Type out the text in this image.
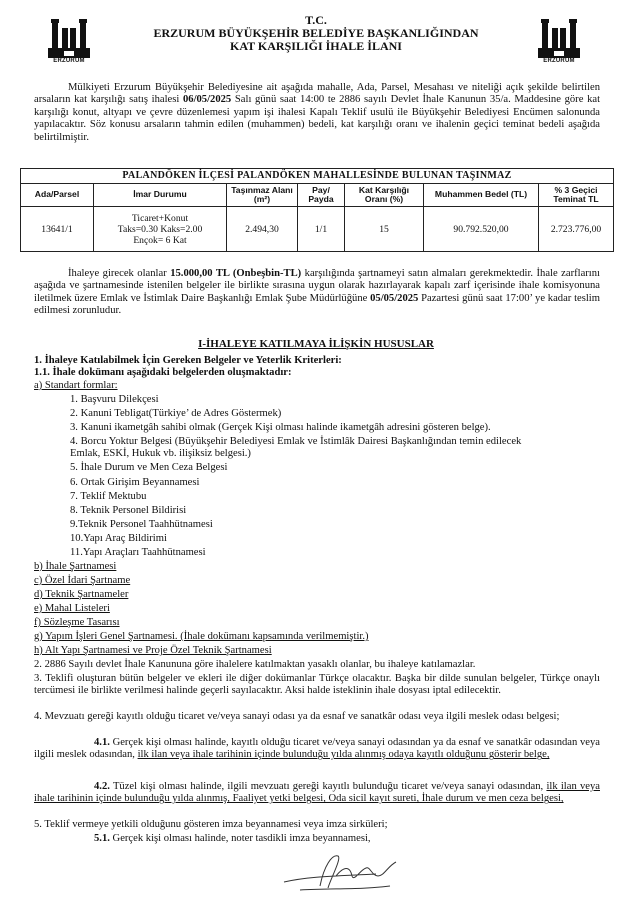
ERZURUM	ERZURUM
T.C.
ERZURUM BÜYÜKŞEHİR BELEDİYE BAŞKANLIĞINDAN
KAT KARŞILIĞI İHALE İLANI
Mülkiyeti Erzurum Büyükşehir Belediyesine ait aşağıda mahalle, Ada, Parsel, Mesahası ve niteliği açık şekilde belirtilen arsaların kat karşılığı satış ihalesi 06/05/2025 Salı günü saat 14:00 te 2886 sayılı Devlet İhale Kanunun 35/a. Maddesine göre kat karşılığı konut, altyapı ve çevre düzenlemesi yapım işi ihalesi Kapalı Teklif usulü ile Büyükşehir Belediyesi Encümen salonunda yapılacaktır. Söz konusu arsaların tahmin edilen (muhammen) bedeli, kat karşılığı oranı ve ihalenin geçici teminat bedeli aşağıda belirtilmiştir.
PALANDÖKEN İLÇESİ PALANDÖKEN MAHALLESİNDE BULUNAN TAŞINMAZ
Ada/Parsel	İmar Durumu	Taşınmaz Alanı (m²)	Pay/ Payda	Kat Karşılığı Oranı (%)	Muhammen Bedel (TL)	% 3 Geçici Teminat TL
13641/1	Ticaret+Konut
Taks=0.30 Kaks=2.00
Ençok= 6 Kat	2.494,30	1/1	15	90.792.520,00	2.723.776,00
İhaleye girecek olanlar 15.000,00 TL (Onbeşbin-TL) karşılığında şartnameyi satın almaları gerekmektedir. İhale zarflarını aşağıda ve şartnamesinde istenilen belgeler ile birlikte sırasına uygun olarak hazırlayarak kapalı zarf içerisinde ihale komisyonuna iletilmek üzere Emlak ve İstimlak Daire Başkanlığı Emlak Şube Müdürlüğüne 05/05/2025 Pazartesi günü saat 17:00’ ye kadar teslim edilmesi zorunludur.
I-İHALEYE KATILMAYA İLİŞKİN HUSUSLAR
1. İhaleye Katılabilmek İçin Gereken Belgeler ve Yeterlik Kriterleri:
1.1. İhale dokümanı aşağıdaki belgelerden oluşmaktadır:
a) Standart formlar:
1. Başvuru Dilekçesi
2. Kanuni Tebligat(Türkiye’ de Adres Göstermek)
3. Kanuni ikametgâh sahibi olmak (Gerçek Kişi olması halinde ikametgâh adresini gösteren belge).
4. Borcu Yoktur Belgesi (Büyükşehir Belediyesi Emlak ve İstimlâk Dairesi Başkanlığından temin edilecek
Emlak, ESKİ, Hukuk vb. ilişiksiz belgesi.)
5. İhale Durum ve Men Ceza Belgesi
6. Ortak Girişim Beyannamesi
7. Teklif Mektubu
8. Teknik Personel Bildirisi
9.Teknik Personel Taahhütnamesi
10.Yapı Araç Bildirimi
11.Yapı Araçları Taahhütnamesi
b) İhale Şartnamesi
c) Özel İdari Şartname
d) Teknik Şartnameler
e) Mahal Listeleri
f) Sözleşme Tasarısı
g) Yapım İşleri Genel Şartnamesi. (İhale dokümanı kapsamında verilmemiştir.)
h) Alt Yapı Şartnamesi ve Proje Özel Teknik Şartnamesi
2. 2886 Sayılı devlet İhale Kanununa göre ihalelere katılmaktan yasaklı olanlar, bu ihaleye katılamazlar.
3. Teklifi oluşturan bütün belgeler ve ekleri ile diğer dokümanlar Türkçe olacaktır. Başka bir dilde sunulan belgeler, Türkçe onaylı tercümesi ile birlikte verilmesi halinde geçerli sayılacaktır. Aksi halde isteklinin ihale dosyası iptal edilecektir.
4. Mevzuatı gereği kayıtlı olduğu ticaret ve/veya sanayi odası ya da esnaf ve sanatkâr odası veya ilgili meslek odası belgesi;
4.1. Gerçek kişi olması halinde, kayıtlı olduğu ticaret ve/veya sanayi odasından ya da esnaf ve sanatkâr odasından veya ilgili meslek odasından, ilk ilan veya ihale tarihinin içinde bulunduğu yılda alınmış odaya kayıtlı olduğunu gösterir belge,
4.2. Tüzel kişi olması halinde, ilgili mevzuatı gereği kayıtlı bulunduğu ticaret ve/veya sanayi odasından, ilk ilan veya ihale tarihinin içinde bulunduğu yılda alınmış, Faaliyet yetki belgesi, Oda sicil kayıt sureti, İhale durum ve men ceza belgesi,
5. Teklif vermeye yetkili olduğunu gösteren imza beyannamesi veya imza sirküleri;
5.1. Gerçek kişi olması halinde, noter tasdikli imza beyannamesi,
